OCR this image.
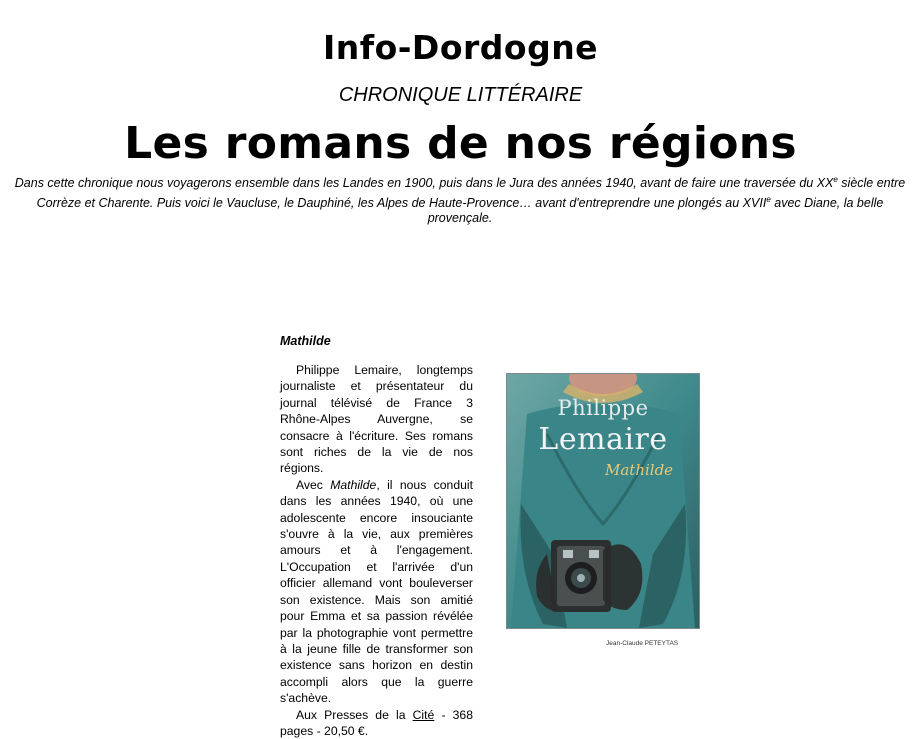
Info-Dordogne
CHRONIQUE LITTÉRAIRE
Les romans de nos régions
Dans cette chronique nous voyagerons ensemble dans les Landes en 1900, puis dans le Jura des années 1940, avant de faire une traversée du XXe siècle entre Corrèze et Charente. Puis voici le Vaucluse, le Dauphiné, les Alpes de Haute-Provence… avant d'entreprendre une plongés au XVIIe avec Diane, la belle provençale.
Mathilde

Philippe Lemaire, longtemps journaliste et présentateur du journal télévisé de France 3 Rhône-Alpes Auvergne, se consacre à l'écriture. Ses romans sont riches de la vie de nos régions.

Avec Mathilde, il nous conduit dans les années 1940, où une adolescente encore insouciante s'ouvre à la vie, aux premières amours et à l'engagement. L'Occupation et l'arrivée d'un officier allemand vont bouleverser son existence. Mais son amitié pour Emma et sa passion révélée par la photographie vont permettre à la jeune fille de transformer son existence sans horizon en destin accompli alors que la guerre s'achève.

Aux Presses de la Cité - 368 pages - 20,50 €.

Philippe
Lemaire
Mathilde
Jean-Claude PETEYTAS
